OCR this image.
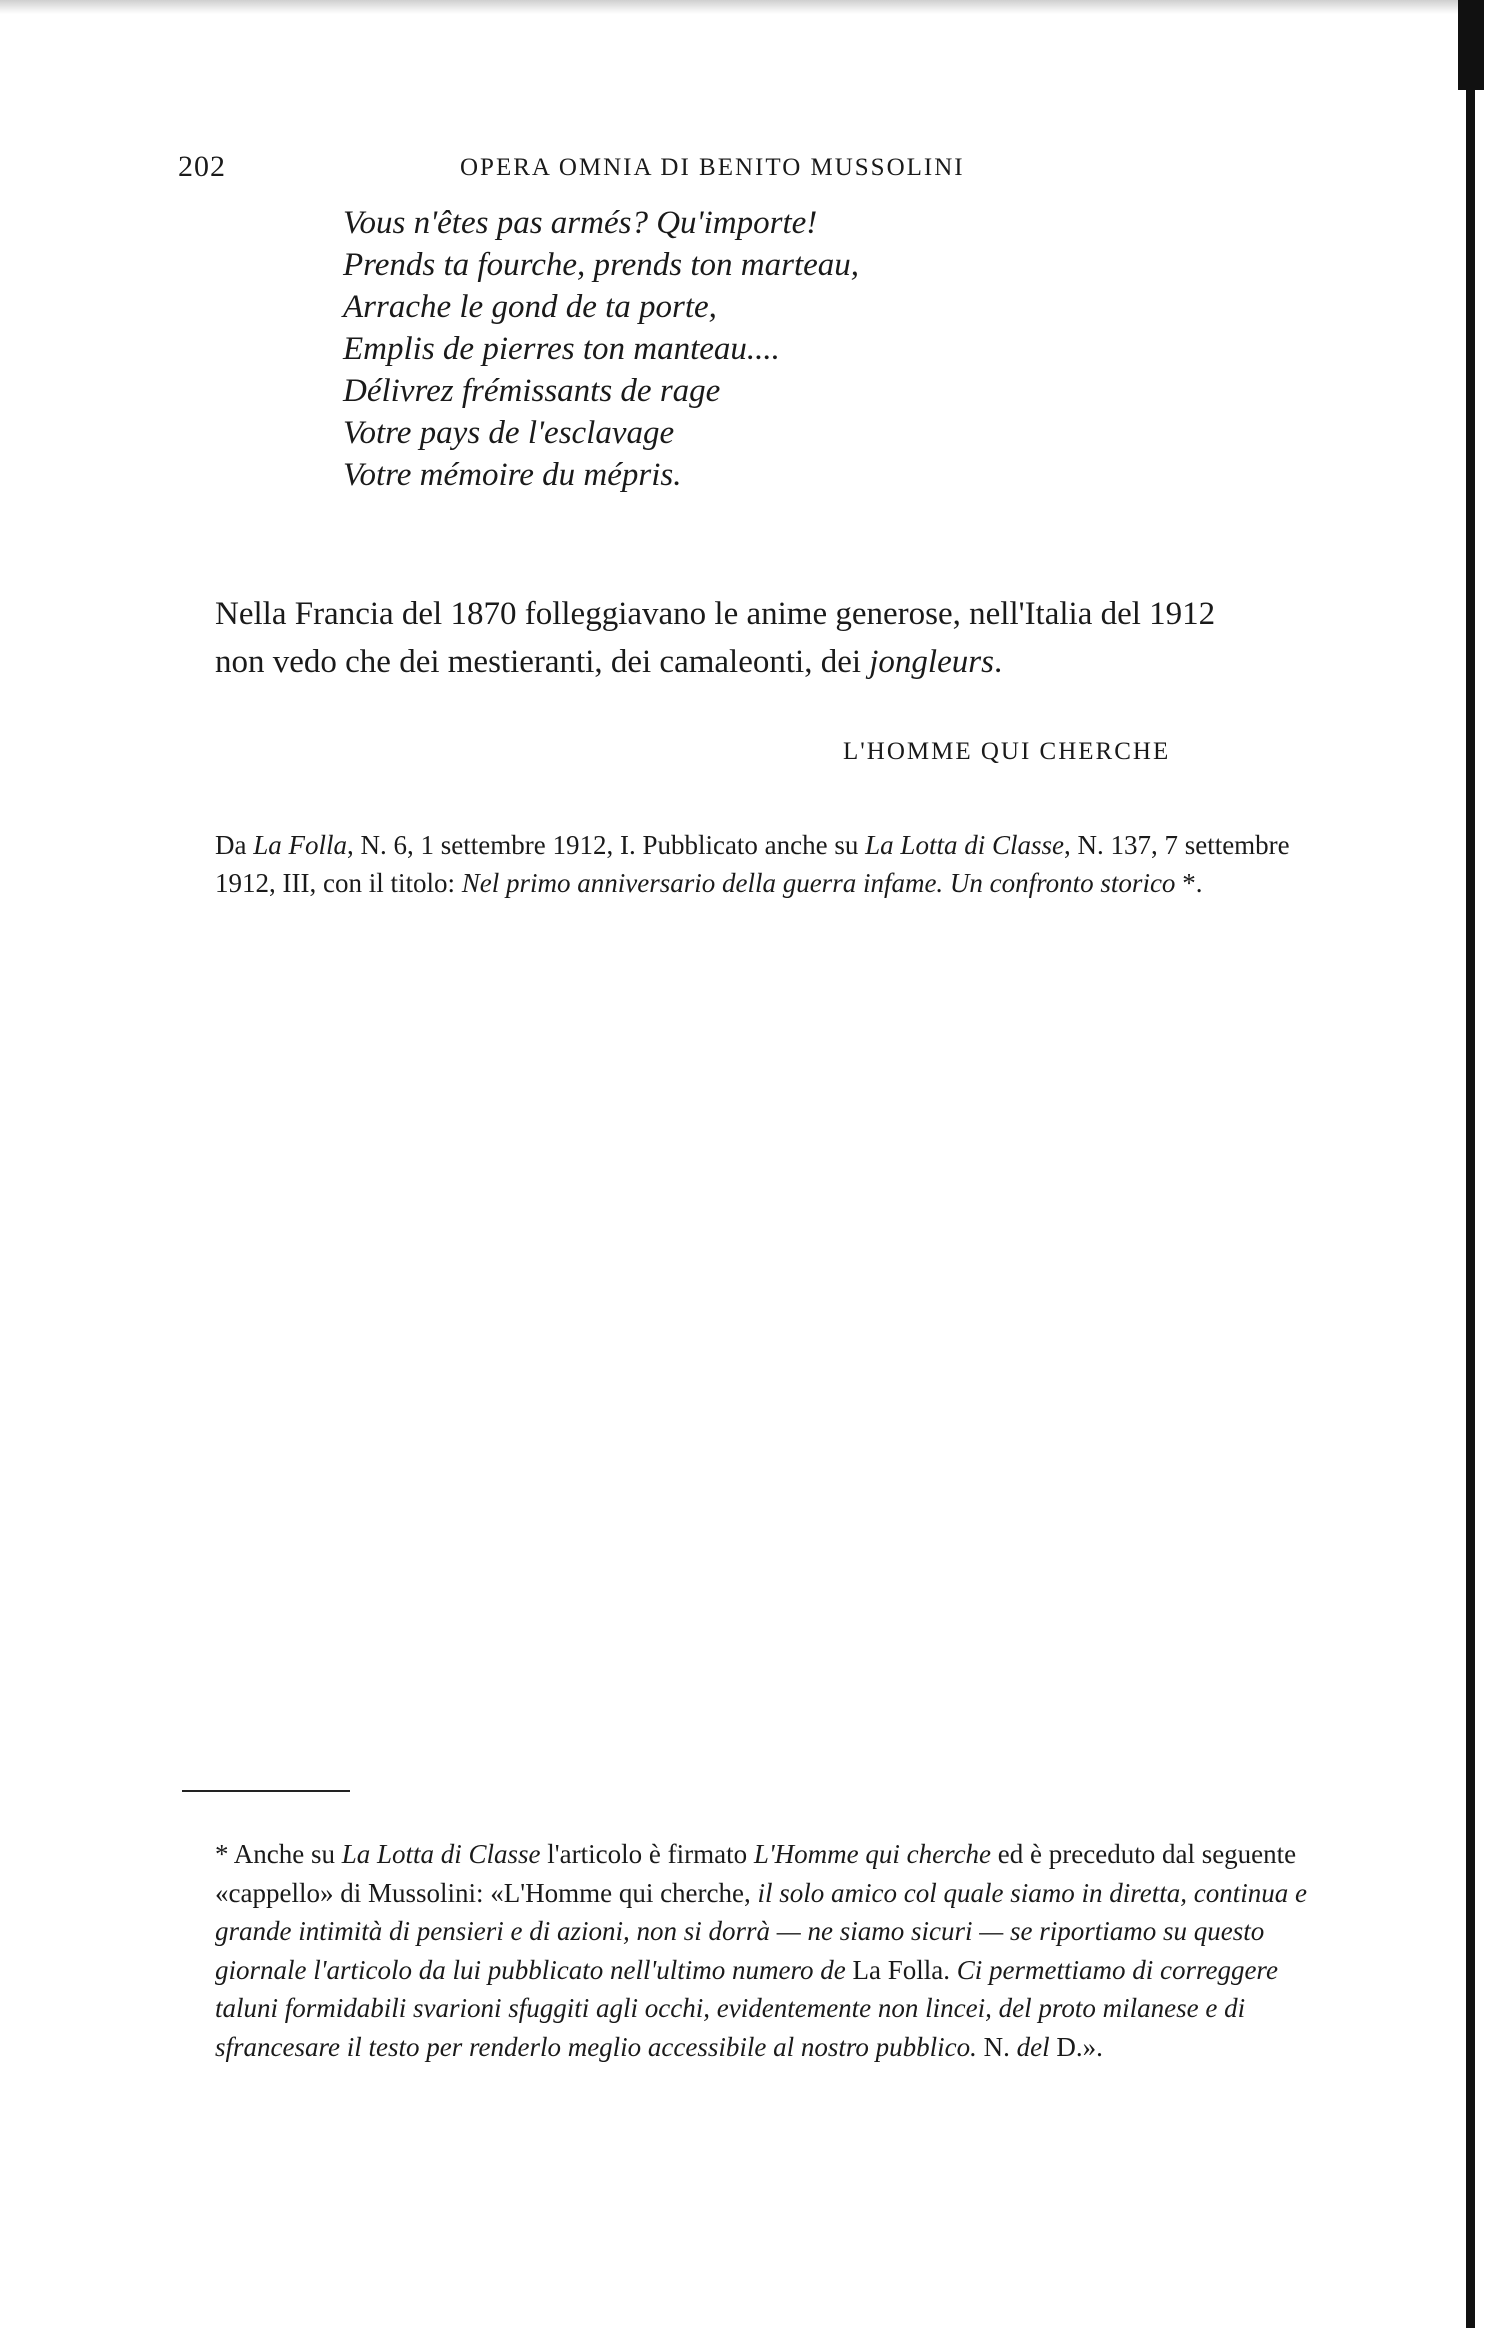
202	OPERA OMNIA DI BENITO MUSSOLINI
Vous n'êtes pas armés? Qu'importe!
Prends ta fourche, prends ton marteau,
Arrache le gond de ta porte,
Emplis de pierres ton manteau....
Délivrez frémissants de rage
Votre pays de l'esclavage
Votre mémoire du mépris.

Nella Francia del 1870 folleggiavano le anime generose, nell'Italia del 1912 non vedo che dei mestieranti, dei camaleonti, dei jongleurs.

L'HOMME QUI CHERCHE

Da La Folla, N. 6, 1 settembre 1912, I. Pubblicato anche su La Lotta di Classe, N. 137, 7 settembre 1912, III, con il titolo: Nel primo anniversario della guerra infame. Un confronto storico *.

* Anche su La Lotta di Classe l'articolo è firmato L'Homme qui cherche ed è preceduto dal seguente «cappello» di Mussolini: «L'Homme qui cherche, il solo amico col quale siamo in diretta, continua e grande intimità di pensieri e di azioni, non si dorrà — ne siamo sicuri — se riportiamo su questo giornale l'articolo da lui pubblicato nell'ultimo numero de La Folla. Ci permettiamo di correggere taluni formidabili svarioni sfuggiti agli occhi, evidentemente non lincei, del proto milanese e di sfrancesare il testo per renderlo meglio accessibile al nostro pubblico. N. del D.».
